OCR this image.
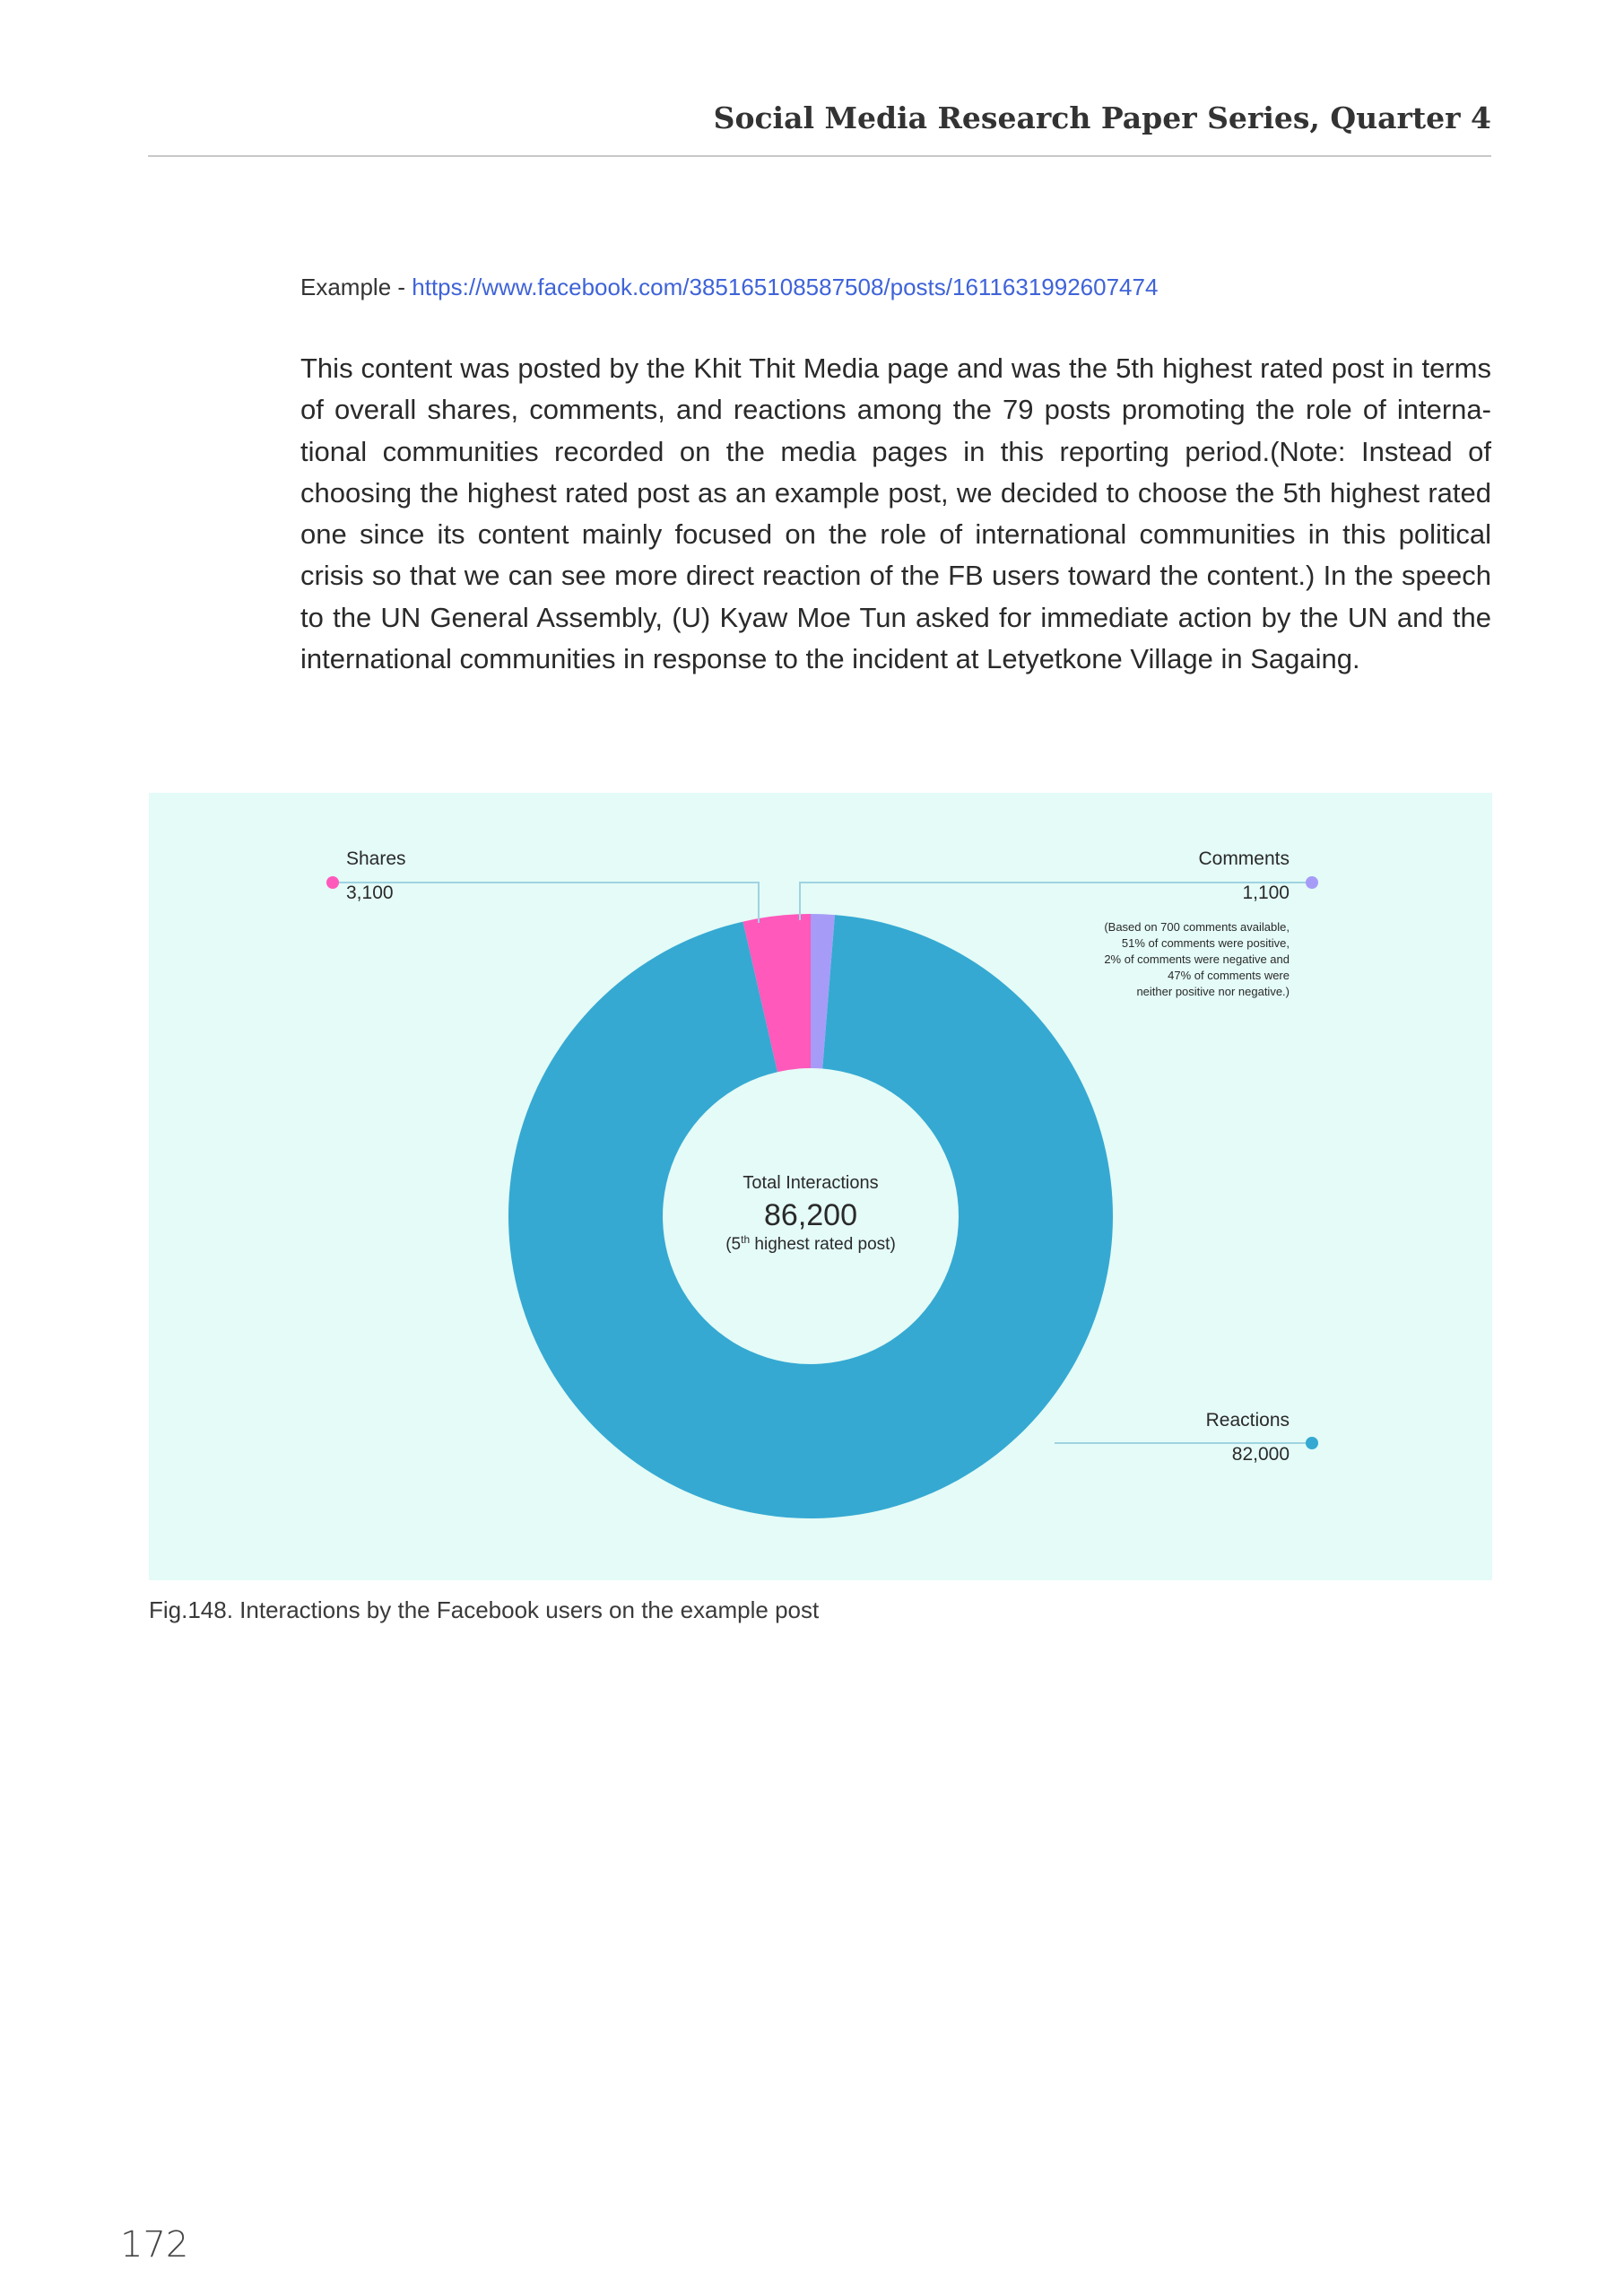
Social Media Research Paper Series, Quarter 4
Example - https://www.facebook.com/385165108587508/posts/1611631992607474

This content was posted by the Khit Thit Media page and was the 5th highest rated post in terms of overall shares, comments, and reactions among the 79 posts promoting the role of interna-tional communities recorded on the media pages in this reporting period.(Note: Instead of choosing the highest rated post as an example post, we decided to choose the 5th highest rated one since its content mainly focused on the role of international communities in this political crisis so that we can see more direct reaction of the FB users toward the content.) In the speech to the UN General Assembly, (U) Kyaw Moe Tun asked for immediate action by the UN and the international communities in response to the incident at Letyetkone Village in Sagaing.

Shares
3,100
Comments
1,100
(Based on 700 comments available,
51% of comments were positive,
2% of comments were negative and
47% of comments were
neither positive nor negative.)
Reactions
82,000
Total Interactions
86,200
(5th highest rated post)
Fig.148. Interactions by the Facebook users on the example post
172
